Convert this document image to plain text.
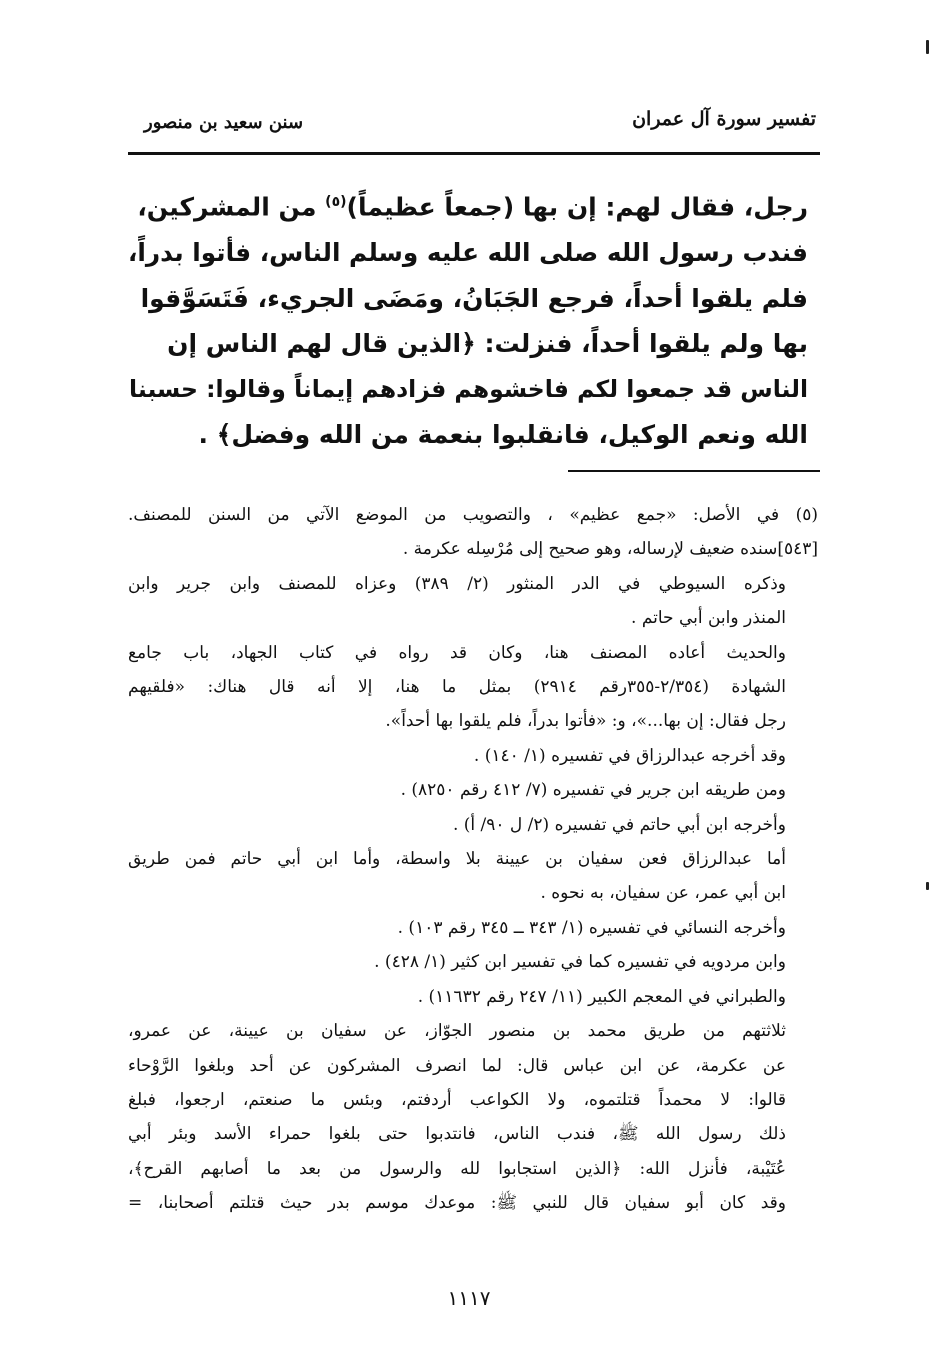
تفسير سورة آل عمران
سنن سعيد بن منصور

رجل، فقال لهم: إن بها (جمعاً عظيماً)$^{(٥)}$ من المشركين،

فندب رسول الله صلى الله عليه وسلم الناس، فأتوا بدراً،

فلم يلقوا أحداً، فرجع الجَبَانُ، ومَضَى الجريء، فَتَسَوَّقوا

بها ولم يلقوا أحداً، فنزلت: ﴿الذين قال لهم الناس إن

الناس قد جمعوا لكم فاخشوهم فزادهم إيماناً وقالوا: حسبنا

الله ونعم الوكيل، فانقلبوا بنعمة من الله وفضل﴾ .

(٥) في الأصل: «جمع عظيم» ، والتصويب من الموضع الآتي من السنن للمصنف.

[٥٤٣]سنده ضعيف لإرساله، وهو صحيح إلى مُرْسِله عكرمة .

وذكره السيوطي في الدر المنثور (٢/ ٣٨٩) وعزاه للمصنف وابن جرير وابن

المنذر وابن أبي حاتم .

والحديث أعاده المصنف هنا، وكان قد رواه في كتاب الجهاد، باب جامع

الشهادة (٢/٣٥٤-٣٥٥رقم ٢٩١٤) بمثل ما هنا، إلا أنه قال هناك: «فلقيهم

رجل فقال: إن بها...»، و: «فأتوا بدراً، فلم يلقوا بها أحداً».

وقد أخرجه عبدالرزاق في تفسيره (١/ ١٤٠) .

ومن طريقه ابن جرير في تفسيره (٧/ ٤١٢ رقم ٨٢٥٠) .

وأخرجه ابن أبي حاتم في تفسيره (٢/ ل ٩٠/ أ) .

أما عبدالرزاق فعن سفيان بن عيينة بلا واسطة، وأما ابن أبي حاتم فمن طريق

ابن أبي عمر، عن سفيان، به نحوه .

وأخرجه النسائي في تفسيره (١/ ٣٤٣ ــ ٣٤٥ رقم ١٠٣) .

وابن مردويه في تفسيره كما في تفسير ابن كثير (١/ ٤٢٨) .

والطبراني في المعجم الكبير (١١/ ٢٤٧ رقم ١١٦٣٢) .

ثلاثتهم من طريق محمد بن منصور الجوّاز، عن سفيان بن عيينة، عن عمرو،

عن عكرمة، عن ابن عباس قال: لما انصرف المشركون عن أحد وبلغوا الرَّوْحاء

قالوا: لا محمداً قتلتموه، ولا الكواعب أردفتم، وبئس ما صنعتم، ارجعوا، فبلغ

ذلك رسول الله ﷺ، فندب الناس، فانتدبوا حتى بلغوا حمراء الأسد وبئر أبي

عُتَيْبة، فأنزل الله: ﴿الذين استجابوا لله والرسول من بعد ما أصابهم القرح﴾،

وقد كان أبو سفيان قال للنبي ﷺ: موعدك موسم بدر حيث قتلتم أصحابنا، =

١١١٧
